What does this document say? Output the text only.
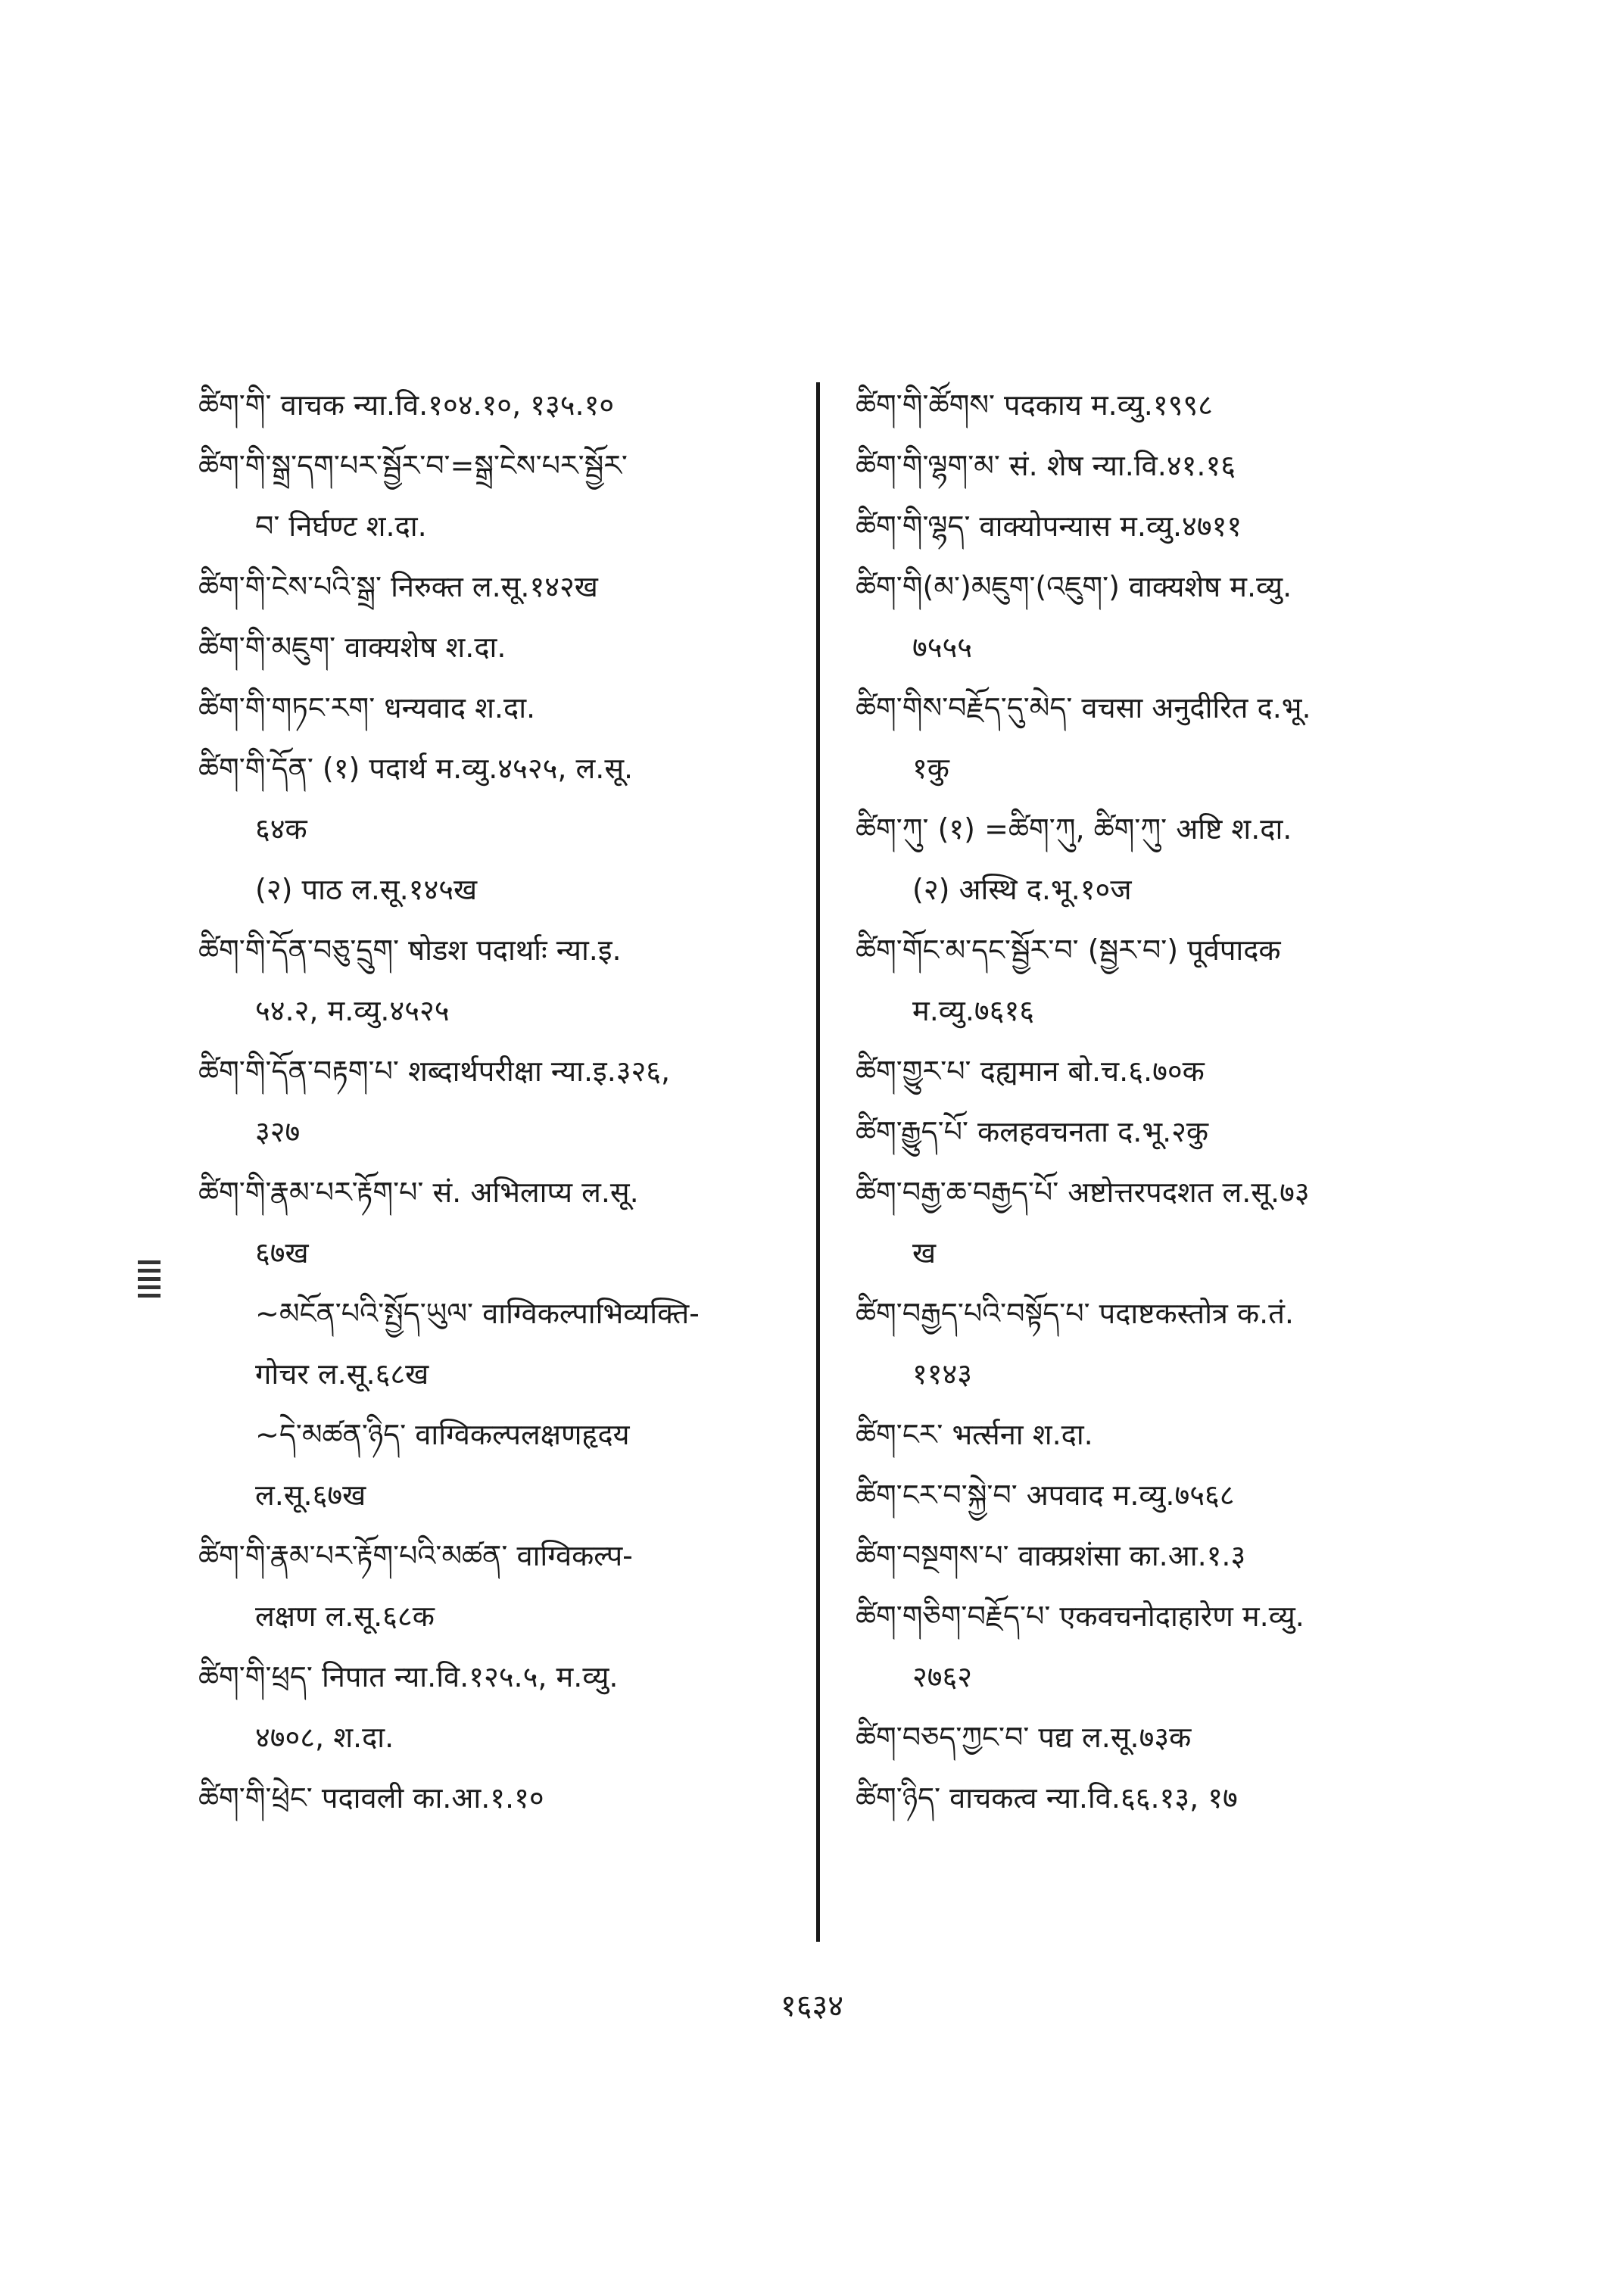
ཚིག་གི་ वाचक न्या.वि.१०४.१०, १३५.१०
ཚིག་གི་སྒྲ་དག་པར་སྦྱོར་བ་=སྒྲ་ངེས་པར་སྦྱོར་
བ་ निर्घण्ट श.दा.
ཚིག་གི་ངེས་པའི་སྒྲ་ निरुक्त ल.सू.१४२ख
ཚིག་གི་མཇུག་ वाक्यशेष श.दा.
ཚིག་གི་གཏང་རག་ धन्यवाद श.दा.
ཚིག་གི་དོན་ (१) पदार्थ म.व्यु.४५२५, ल.सू.
६४क
(२) पाठ ल.सू.१४५ख
ཚིག་གི་དོན་བཅུ་དྲུག་ षोडश पदार्थाः न्या.इ.
५४.२, म.व्यु.४५२५
ཚིག་གི་དོན་བརྟག་པ་ शब्दार्थपरीक्षा न्या.इ.३२६,
३२७
ཚིག་གི་རྣམ་པར་རྟོག་པ་ सं. अभिलाप्य ल.सू.
६७ख
~མངོན་པའི་སྤྱོད་ཡུལ་ वाग्विकल्पाभिव्यक्ति-
गोचर ल.सू.६८ख
~དེ་མཚན་ཉིད་ वाग्विकल्पलक्षणहृदय
ल.सू.६७ख
ཚིག་གི་རྣམ་པར་རྟོག་པའི་མཚན་ वाग्विकल्प-
लक्षण ल.सू.६८क
ཚིག་གི་ཕྲད་ निपात न्या.वि.१२५.५, म.व्यु.
४७०८, श.दा.
ཚིག་གི་ཕྲེང་ पदावली का.आ.१.१०
ཚིག་གི་ཚོགས་ पदकाय म.व्यु.१९९८
ཚིག་གི་ལྷག་མ་ सं. शेष न्या.वि.४१.१६
ཚིག་གི་ལྷད་ वाक्योपन्यास म.व्यु.४७११
ཚིག་གི(མ་)མཇུག་(འཇུག་) वाक्यशेष म.व्यु.
७५५५
ཚིག་གིས་བརྗོད་དུ་མེད་ वचसा अनुदीरित द.भू.
१कु
ཚིག་ཀུ་ (१) =ཚིག་ཀུ, ཚིག་ཀུ་ अष्टि श.दा.
(२) अस्थि द.भू.१०ज
ཚིག་གོང་མ་དང་སྦྱོར་བ་ (སྦྱར་བ་) पूर्वपादक
म.व्यु.७६१६
ཚིག་གྱུར་པ་ दह्यमान बो.च.६.७०क
ཚིག་རྒྱུད་པོ་ कलहवचनता द.भू.२कु
ཚིག་བརྒྱ་ཆ་བརྒྱད་པོ་ अष्टोत्तरपदशत ल.सू.७३
ख
ཚིག་བརྒྱད་པའི་བསྟོད་པ་ पदाष्टकस्तोत्र क.तं.
११४३
ཚིག་ངར་ भर्त्सना श.दा.
ཚིག་ངར་བ་སྐྱེ་བ་ अपवाद म.व्यु.७५६८
ཚིག་བསྔགས་པ་ वाक्प्रशंसा का.आ.१.३
ཚིག་གཅིག་བརྗོད་པ་ एकवचनोदाहारेण म.व्यु.
२७६२
ཚིག་བཅད་ཀྱང་བ་ पद्य ल.सू.७३क
ཚིག་ཉིད་ वाचकत्व न्या.वि.६६.१३, १७
१६३४
